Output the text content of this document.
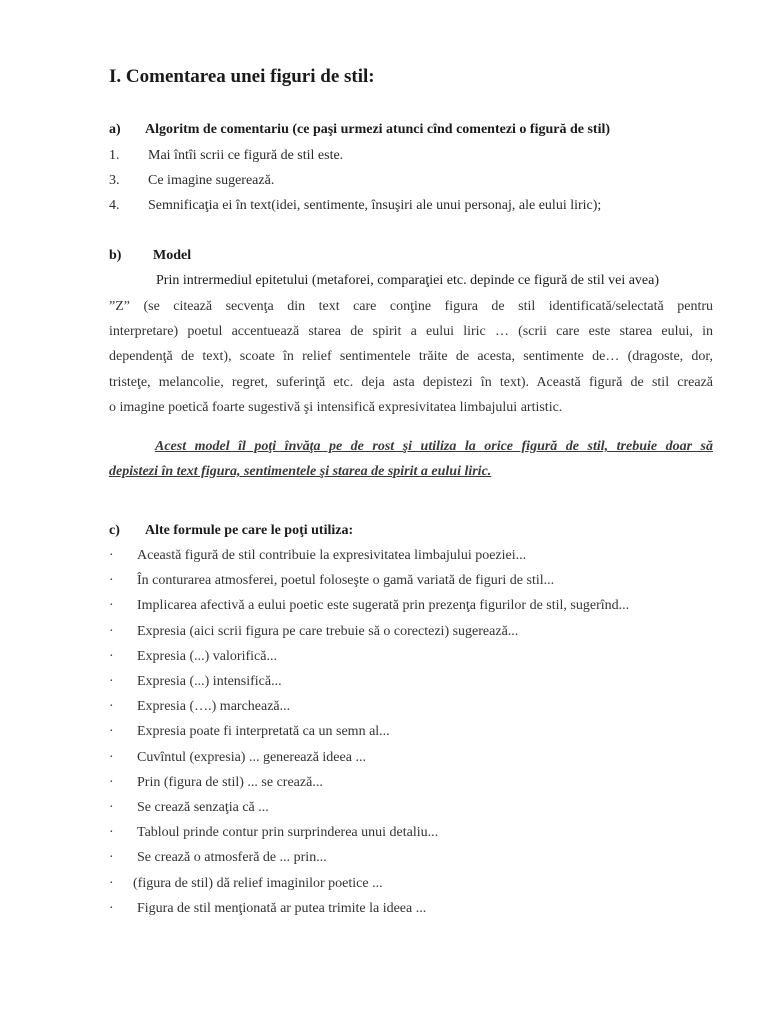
I. Comentarea unei figuri de stil:
a) Algoritm de comentariu (ce paşi urmezi atunci cînd comentezi o figură de stil)
1. Mai întîi scrii ce figură de stil este.
3. Ce imagine sugerează.
4. Semnificaţia ei în text(idei, sentimente, însuşiri ale unui personaj, ale eului liric);
b) Model
Prin intrermediul epitetului (metaforei, comparaţiei etc. depinde ce figură de stil vei avea)
”Z” (se citează secvenţa din text care conţine figura de stil identificată/selectată pentru
interpretare) poetul accentuează starea de spirit a eului liric … (scrii care este starea eului, in
dependenţă de text), scoate în relief sentimentele trăite de acesta, sentimente de… (dragoste, dor,
tristeţe, melancolie, regret, suferinţă etc. deja asta depistezi în text). Această figură de stil crează
o imagine poetică foarte sugestivă şi intensifică expresivitatea limbajului artistic.
Acest model îl poţi învăţa pe de rost şi utiliza la orice figură de stil, trebuie doar să
depistezi în text figura, sentimentele şi starea de spirit a eului liric.
c) Alte formule pe care le poţi utiliza:
· Această figură de stil contribuie la expresivitatea limbajului poeziei...
· În conturarea atmosferei, poetul foloseşte o gamă variată de figuri de stil...
· Implicarea afectivă a eului poetic este sugerată prin prezenţa figurilor de stil, sugerînd...
· Expresia (aici scrii figura pe care trebuie să o corectezi) sugerează...
· Expresia (...) valorifică...
· Expresia (...) intensifică...
· Expresia (….) marchează...
· Expresia poate fi interpretată ca un semn al...
· Cuvîntul (expresia) ... generează ideea ...
· Prin (figura de stil) ... se crează...
· Se crează senzaţia că ...
· Tabloul prinde contur prin surprinderea unui detaliu...
· Se crează o atmosferă de ... prin...
· (figura de stil) dă relief imaginilor poetice ...
· Figura de stil menţionată ar putea trimite la ideea ...
